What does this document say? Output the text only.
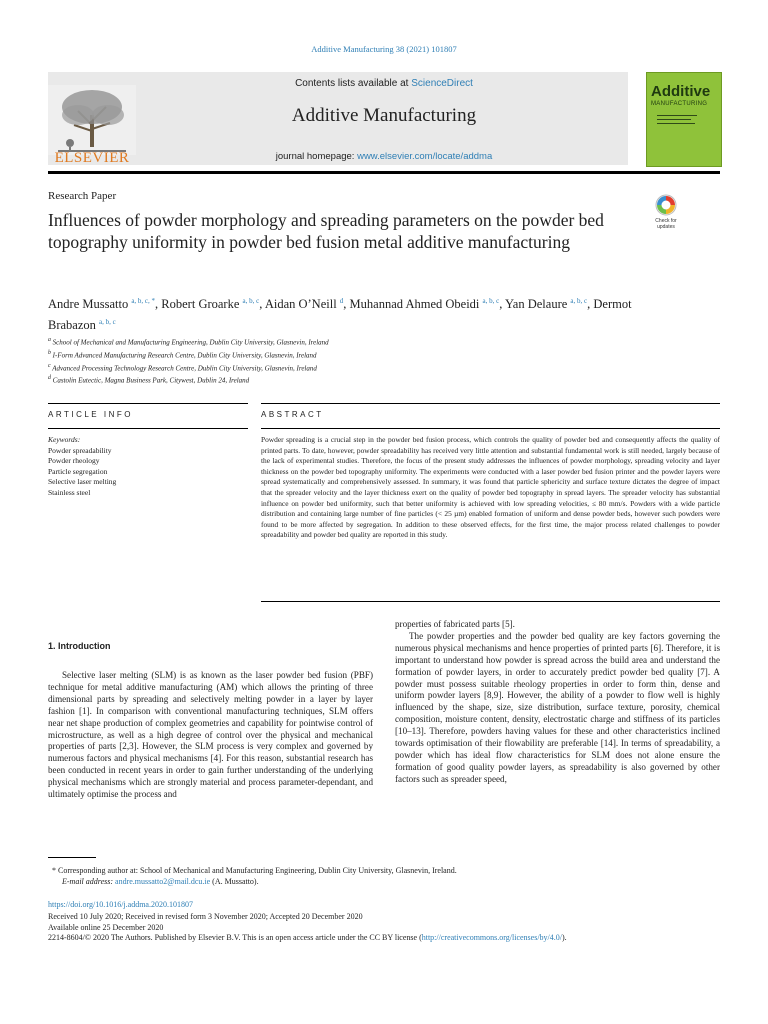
Additive Manufacturing 38 (2021) 101807
ELSEVIER
Contents lists available at ScienceDirect
Additive Manufacturing
journal homepage: www.elsevier.com/locate/addma
Additive
MANUFACTURING
Research Paper
Influences of powder morphology and spreading parameters on the powder bed topography uniformity in powder bed fusion metal additive manufacturing
Check for
updates
Andre Mussatto $^{a, b, c, *}$, Robert Groarke $^{a, b, c}$, Aidan O’Neill $^d$, Muhannad Ahmed Obeidi $^{a, b, c}$, Yan Delaure $^{a, b, c}$, Dermot Brabazon $^{a, b, c}$
$^a$ School of Mechanical and Manufacturing Engineering, Dublin City University, Glasnevin, Ireland
$^b$ I-Form Advanced Manufacturing Research Centre, Dublin City University, Glasnevin, Ireland
$^c$ Advanced Processing Technology Research Centre, Dublin City University, Glasnevin, Ireland
$^d$ Castolin Eutectic, Magna Business Park, Citywest, Dublin 24, Ireland
ARTICLE INFO	ABSTRACT
Keywords:
Powder spreadability
Powder rheology
Particle segregation
Selective laser melting
Stainless steel
Powder spreading is a crucial step in the powder bed fusion process, which controls the quality of powder bed and consequently affects the quality of printed parts. To date, however, powder spreadability has received very little attention and substantial fundamental work is still needed, largely because of the lack of experimental studies. Therefore, the focus of the present study addresses the influences of powder morphology, spreading velocity and layer thickness on the powder bed topography uniformity. The experiments were conducted with a laser powder bed fusion printer and the powder layers were spread systematically and comprehensively assessed. In summary, it was found that particle sphericity and surface texture dictates the degree of impact that the spreader velocity and the layer thickness exert on the quality of powder bed topography in spread layers. The spreader velocity has substantial influence on powder bed uniformity, such that better uniformity is achieved with low spreading velocities, ≤ 80 mm/s. Powders with a wide particle distribution and containing large number of fine particles (< 25 µm) enabled formation of uniform and dense powder beds, however such powders were found to be more affected by segregation. In addition to these observed effects, for the first time, the major process related challenges to powder spreadability and powder bed quality are reported in this study.
1. Introduction
Selective laser melting (SLM) is as known as the laser powder bed fusion (PBF) technique for metal additive manufacturing (AM) which allows the printing of three dimensional parts by spreading and selectively melting powder in a layer by layer fashion [1]. In comparison with conventional manufacturing techniques, SLM offers near net shape production of complex geometries and capability for pointwise control of microstructure, as well as a high degree of control over the physical and mechanical properties of parts [2,3]. However, the SLM process is very complex and governed by numerous factors and physical mechanisms [4]. For this reason, substantial research has been conducted in recent years in order to gain further understanding of the underlying physical mechanisms which are strongly material and process parameter-dependant, and ultimately optimise the process and

properties of fabricated parts [5].

The powder properties and the powder bed quality are key factors governing the numerous physical mechanisms and hence properties of printed parts [6]. Therefore, it is important to understand how powder is spread across the build area and understand the formation of powder layers, in order to accurately predict powder bed quality [7]. A powder must possess suitable rheology properties in order to form thin, dense and uniform powder layers [8,9]. However, the ability of a powder to flow well is highly influenced by the shape, size, size distribution, surface texture, porosity, chemical composition, moisture content, density, electrostatic charge and stiffness of its particles [10–13]. Therefore, powders having values for these and other characteristics inclined towards optimisation of their flowability are preferable [14]. In terms of spreadability, a powder which has ideal flow characteristics for SLM does not alone ensure the formation of good quality powder layers, as spreadability is also governed by other factors such as spreader speed,

* Corresponding author at: School of Mechanical and Manufacturing Engineering, Dublin City University, Glasnevin, Ireland.
E-mail address: andre.mussatto2@mail.dcu.ie (A. Mussatto).
https://doi.org/10.1016/j.addma.2020.101807
Received 10 July 2020; Received in revised form 3 November 2020; Accepted 20 December 2020
Available online 25 December 2020
2214-8604/© 2020 The Authors. Published by Elsevier B.V. This is an open access article under the CC BY license (http://creativecommons.org/licenses/by/4.0/).
